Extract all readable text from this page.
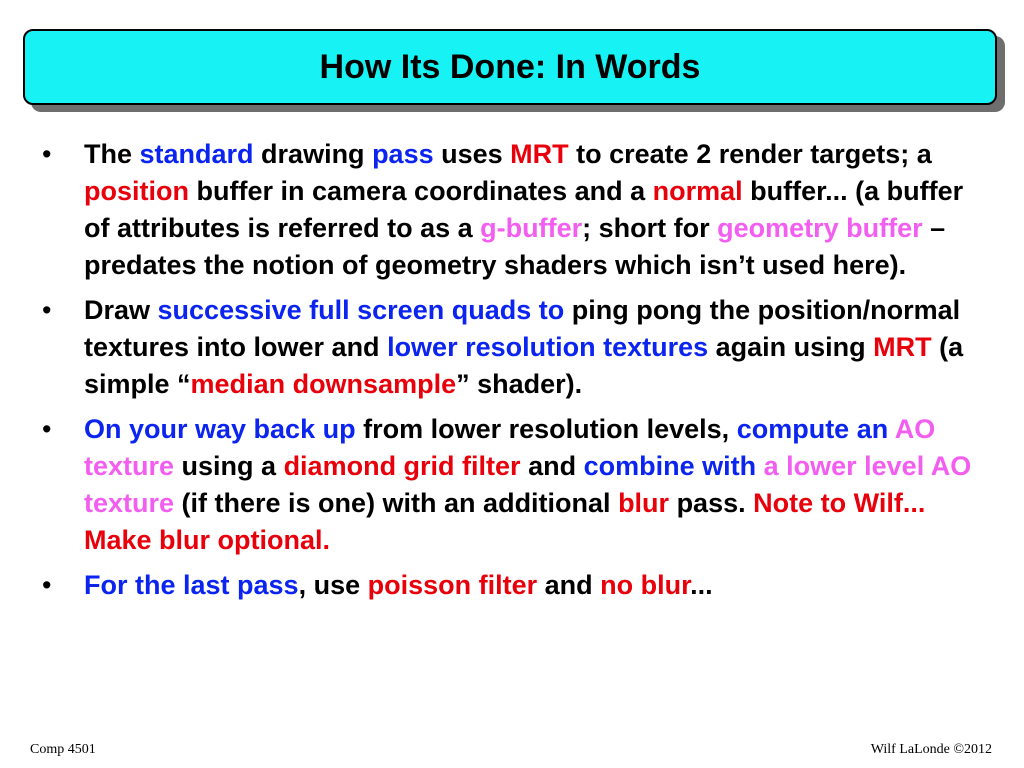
How Its Done: In Words
• The standard drawing pass uses MRT to create 2 render targets; a position buffer in camera coordinates and a normal buffer... (a buffer of attributes is referred to as a g-buffer; short for geometry buffer – predates the notion of geometry shaders which isn’t used here).
• Draw successive full screen quads to ping pong the position/normal textures into lower and lower resolution textures again using MRT (a simple “median downsample” shader).
• On your way back up from lower resolution levels, compute an AO texture using a diamond grid filter and combine with a lower level AO texture (if there is one) with an additional blur pass. Note to Wilf... Make blur optional.
• For the last pass, use poisson filter and no blur...
Comp 4501	Wilf LaLonde ©2012
